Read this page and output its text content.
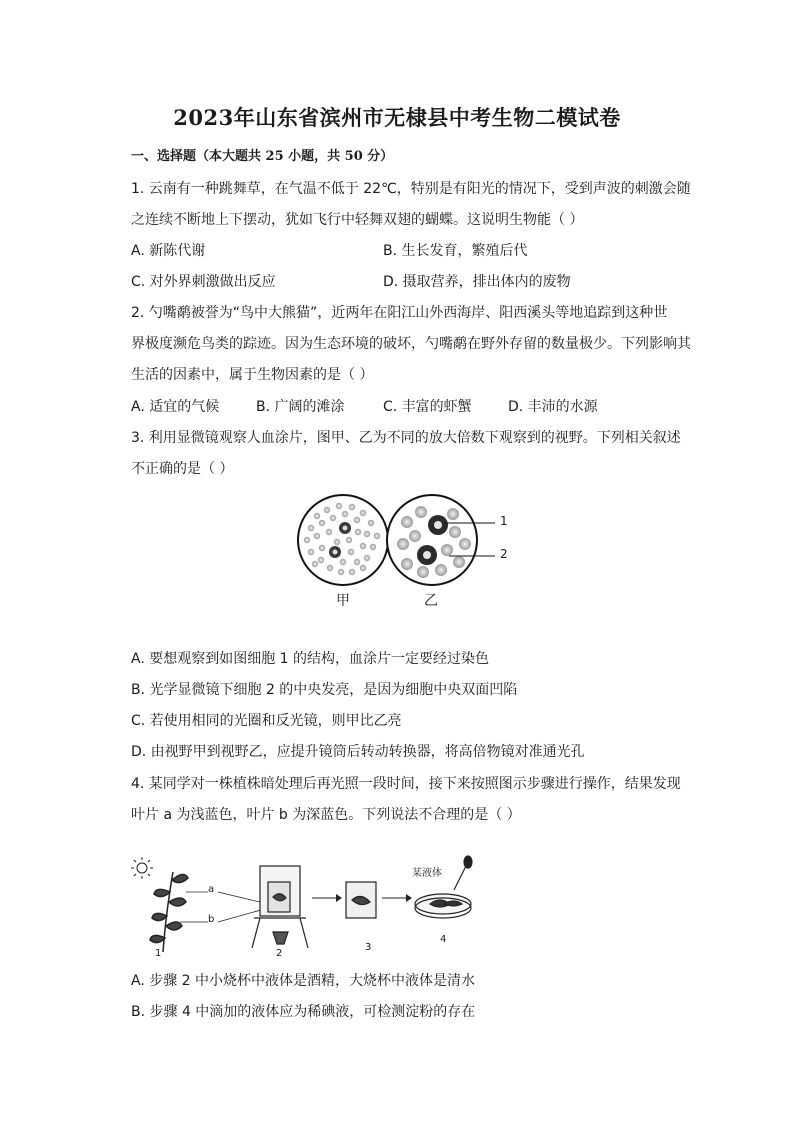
2023年山东省滨州市无棣县中考生物二模试卷
一、选择题（本大题共 25 小题，共 50 分）
1. 云南有一种跳舞草，在气温不低于 22℃，特别是有阳光的情况下，受到声波的刺激会随
之连续不断地上下摆动，犹如飞行中轻舞双翅的蝴蝶。这说明生物能（ ）
A. 新陈代谢	B. 生长发育，繁殖后代
C. 对外界刺激做出反应	D. 摄取营养，排出体内的废物
2. 勺嘴鹬被誉为“鸟中大熊猫”，近两年在阳江山外西海岸、阳西溪头等地追踪到这种世
界极度濒危鸟类的踪迹。因为生态环境的破坏，勺嘴鹬在野外存留的数量极少。下列影响其
生活的因素中，属于生物因素的是（ ）
A. 适宜的气候	B. 广阔的滩涂	C. 丰富的虾蟹	D. 丰沛的水源
3. 利用显微镜观察人血涂片，图甲、乙为不同的放大倍数下观察到的视野。下列相关叙述
不正确的是（ ）
1
2
甲	乙
A. 要想观察到如图细胞 1 的结构，血涂片一定要经过染色
B. 光学显微镜下细胞 2 的中央发亮，是因为细胞中央双面凹陷
C. 若使用相同的光圈和反光镜，则甲比乙亮
D. 由视野甲到视野乙，应提升镜筒后转动转换器，将高倍物镜对准通光孔
4. 某同学对一株植株暗处理后再光照一段时间，接下来按照图示步骤进行操作，结果发现
叶片 a 为浅蓝色，叶片 b 为深蓝色。下列说法不合理的是（ ）
a
b
某液体
1	2
3
4
A. 步骤 2 中小烧杯中液体是酒精，大烧杯中液体是清水
B. 步骤 4 中滴加的液体应为稀碘液，可检测淀粉的存在
